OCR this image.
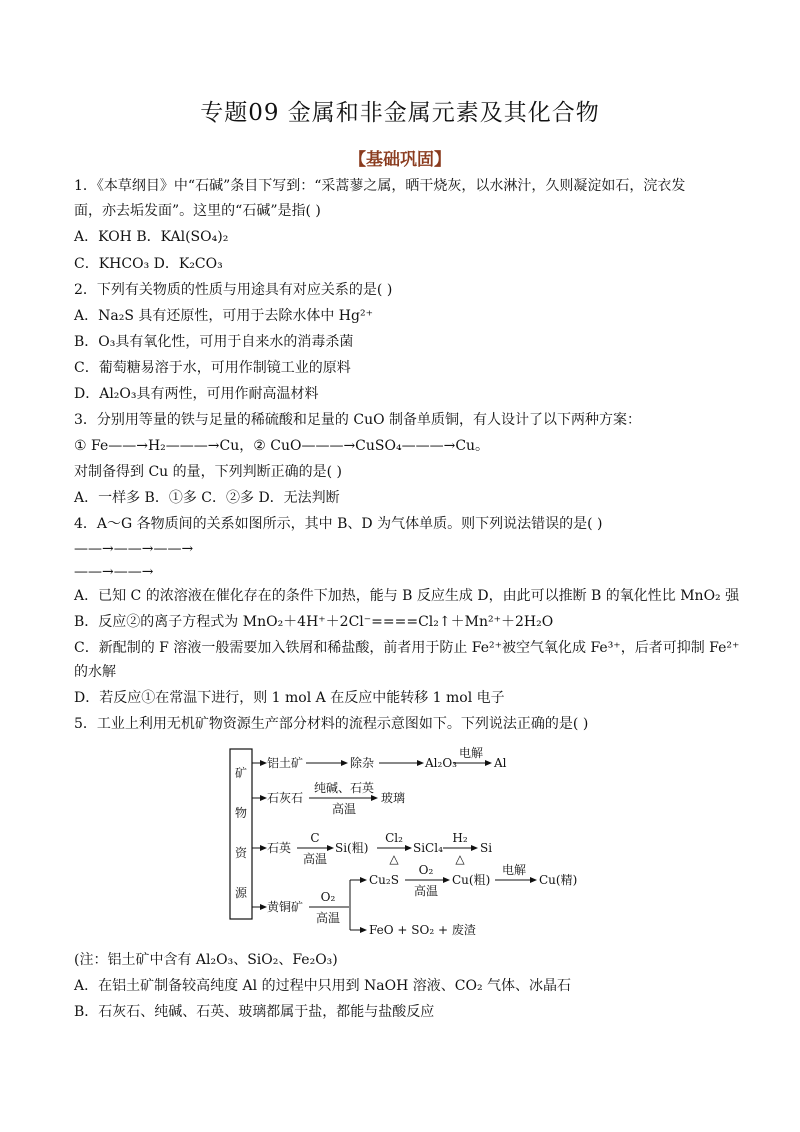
专题09 金属和非金属元素及其化合物
【基础巩固】
1．《本草纲目》中“石碱”条目下写到：“采蒿蓼之属，晒干烧灰，以水淋汁，久则凝淀如石，浣衣发
面，亦去垢发面”。这里的“石碱”是指( )
A．KOH B．KAl(SO₄)₂
C．KHCO₃ D．K₂CO₃
2．下列有关物质的性质与用途具有对应关系的是( )
A．Na₂S 具有还原性，可用于去除水体中 Hg²⁺
B．O₃具有氧化性，可用于自来水的消毒杀菌
C．葡萄糖易溶于水，可用作制镜工业的原料
D．Al₂O₃具有两性，可用作耐高温材料
3．分别用等量的铁与足量的稀硫酸和足量的 CuO 制备单质铜，有人设计了以下两种方案：
① Fe——→H₂———→Cu，② CuO———→CuSO₄———→Cu。
对制备得到 Cu 的量，下列判断正确的是( )
A．一样多 B．①多 C．②多 D．无法判断
4．A～G 各物质间的关系如图所示，其中 B、D 为气体单质。则下列说法错误的是( )
——→——→——→
——→——→
A．已知 C 的浓溶液在催化存在的条件下加热，能与 B 反应生成 D，由此可以推断 B 的氧化性比 MnO₂ 强
B．反应②的离子方程式为 MnO₂＋4H⁺＋2Cl⁻====Cl₂↑＋Mn²⁺＋2H₂O
C．新配制的 F 溶液一般需要加入铁屑和稀盐酸，前者用于防止 Fe²⁺被空气氧化成 Fe³⁺，后者可抑制 Fe²⁺
的水解
D．若反应①在常温下进行，则 1 mol A 在反应中能转移 1 mol 电子
5．工业上利用无机矿物资源生产部分材料的流程示意图如下。下列说法正确的是( )
矿
物
资
源
铝土矿	除杂	Al₂O₃
电解
Al
石灰石
纯碱、石英
高温
玻璃
石英
C
高温
Si(粗)
Cl₂
△
SiCl₄
H₂
△
Si
黄铜矿
O₂
高温
Cu₂S
O₂
高温
Cu(粗)
电解
Cu(精)
FeO + SO₂ + 废渣
(注：铝土矿中含有 Al₂O₃、SiO₂、Fe₂O₃)
A．在铝土矿制备较高纯度 Al 的过程中只用到 NaOH 溶液、CO₂ 气体、冰晶石
B．石灰石、纯碱、石英、玻璃都属于盐，都能与盐酸反应
